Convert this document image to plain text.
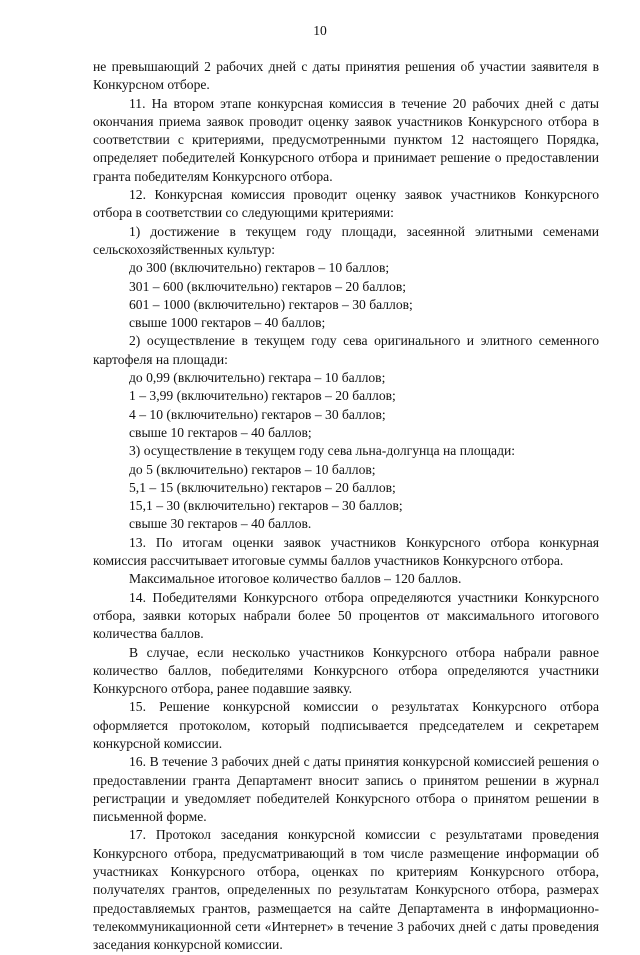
10

не превышающий 2 рабочих дней с даты принятия решения об участии заявителя в Конкурсном отборе.

11. На втором этапе конкурсная комиссия в течение 20 рабочих дней с даты окончания приема заявок проводит оценку заявок участников Конкурсного отбора в соответствии с критериями, предусмотренными пунктом 12 настоящего Порядка, определяет победителей Конкурсного отбора и принимает решение о предоставлении гранта победителям Конкурсного отбора.

12. Конкурсная комиссия проводит оценку заявок участников Конкурсного отбора в соответствии со следующими критериями:

1) достижение в текущем году площади, засеянной элитными семенами сельскохозяйственных культур:

до 300 (включительно) гектаров – 10 баллов;

301 – 600 (включительно) гектаров – 20 баллов;

601 – 1000 (включительно) гектаров – 30 баллов;

свыше 1000 гектаров – 40 баллов;

2) осуществление в текущем году сева оригинального и элитного семенного картофеля на площади:

до 0,99 (включительно) гектара – 10 баллов;

1 – 3,99 (включительно) гектаров – 20 баллов;

4 – 10 (включительно) гектаров – 30 баллов;

свыше 10 гектаров – 40 баллов;

3) осуществление в текущем году сева льна-долгунца на площади:

до 5 (включительно) гектаров – 10 баллов;

5,1 – 15 (включительно) гектаров – 20 баллов;

15,1 – 30 (включительно) гектаров – 30 баллов;

свыше 30 гектаров – 40 баллов.

13. По итогам оценки заявок участников Конкурсного отбора конкурная комиссия рассчитывает итоговые суммы баллов участников Конкурсного отбора.

Максимальное итоговое количество баллов – 120 баллов.

14. Победителями Конкурсного отбора определяются участники Конкурсного отбора, заявки которых набрали более 50 процентов от максимального итогового количества баллов.

В случае, если несколько участников Конкурсного отбора набрали равное количество баллов, победителями Конкурсного отбора определяются участники Конкурсного отбора, ранее подавшие заявку.

15. Решение конкурсной комиссии о результатах Конкурсного отбора оформляется протоколом, который подписывается председателем и секретарем конкурсной комиссии.

16. В течение 3 рабочих дней с даты принятия конкурсной комиссией решения о предоставлении гранта Департамент вносит запись о принятом решении в журнал регистрации и уведомляет победителей Конкурсного отбора о принятом решении в письменной форме.

17. Протокол заседания конкурсной комиссии с результатами проведения Конкурсного отбора, предусматривающий в том числе размещение информации об участниках Конкурсного отбора, оценках по критериям Конкурсного отбора, получателях грантов, определенных по результатам Конкурсного отбора, размерах предоставляемых грантов, размещается на сайте Департамента в информационно-телекоммуникационной сети «Интернет» в течение 3 рабочих дней с даты проведения заседания конкурсной комиссии.
